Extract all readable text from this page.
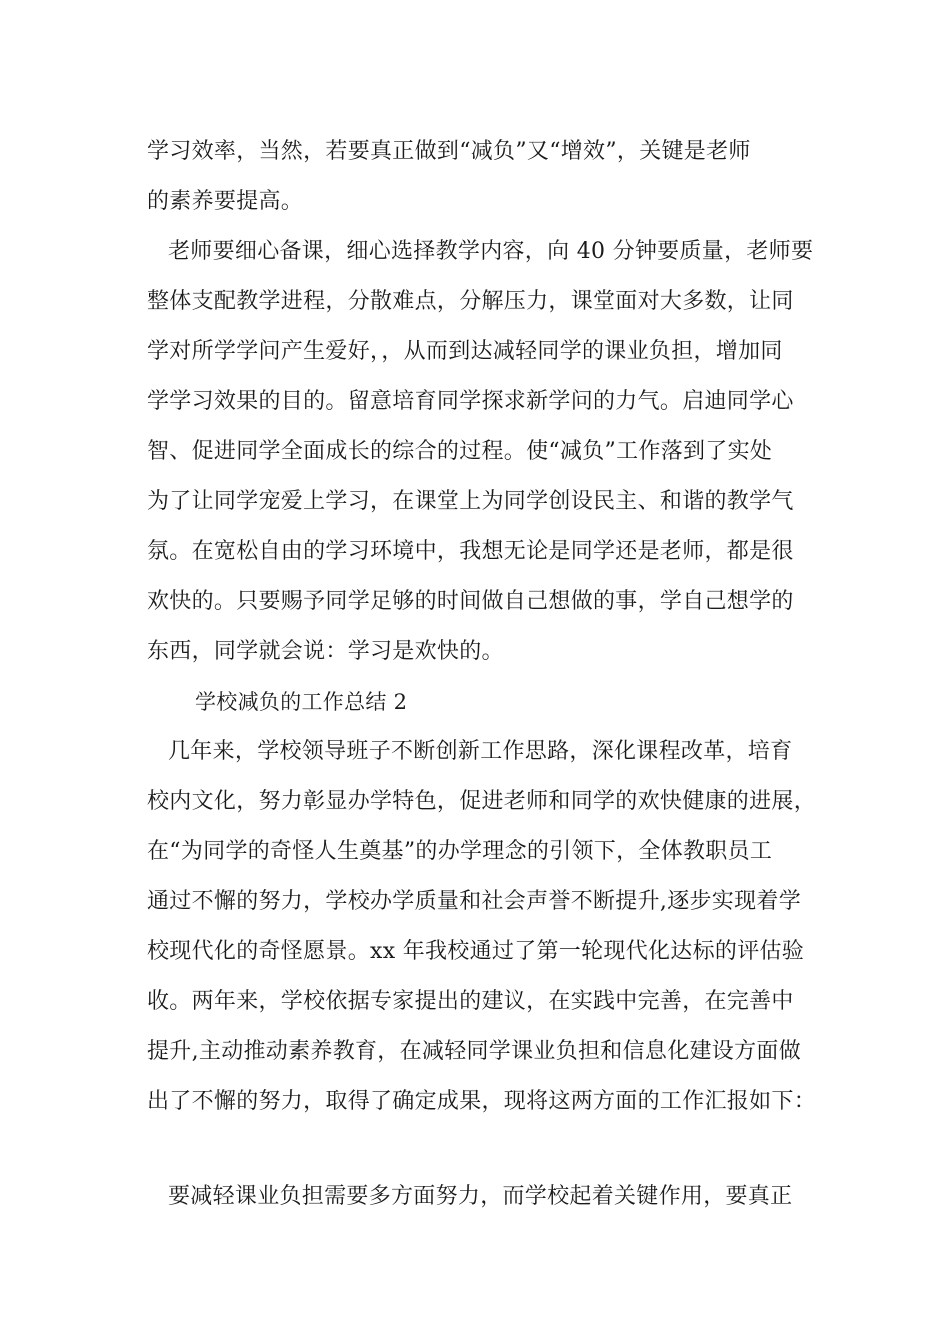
学习效率，当然，若要真正做到“减负”又“增效”，关键是老师
的素养要提高。
老师要细心备课，细心选择教学内容，向 40 分钟要质量，老师要
整体支配教学进程，分散难点，分解压力，课堂面对大多数，让同
学对所学学问产生爱好，，从而到达减轻同学的课业负担，增加同
学学习效果的目的。留意培育同学探求新学问的力气。启迪同学心
智、促进同学全面成长的综合的过程。使“减负”工作落到了实处
为了让同学宠爱上学习，在课堂上为同学创设民主、和谐的教学气
氛。在宽松自由的学习环境中，我想无论是同学还是老师，都是很
欢快的。只要赐予同学足够的时间做自己想做的事，学自己想学的
东西，同学就会说：学习是欢快的。
学校减负的工作总结 2
几年来，学校领导班子不断创新工作思路，深化课程改革，培育
校内文化，努力彰显办学特色，促进老师和同学的欢快健康的进展，
在“为同学的奇怪人生奠基”的办学理念的引领下，全体教职员工
通过不懈的努力，学校办学质量和社会声誉不断提升,逐步实现着学
校现代化的奇怪愿景。xx 年我校通过了第一轮现代化达标的评估验
收。两年来，学校依据专家提出的建议，在实践中完善，在完善中
提升,主动推动素养教育，在减轻同学课业负担和信息化建设方面做
出了不懈的努力，取得了确定成果，现将这两方面的工作汇报如下：
要减轻课业负担需要多方面努力，而学校起着关键作用，要真正
